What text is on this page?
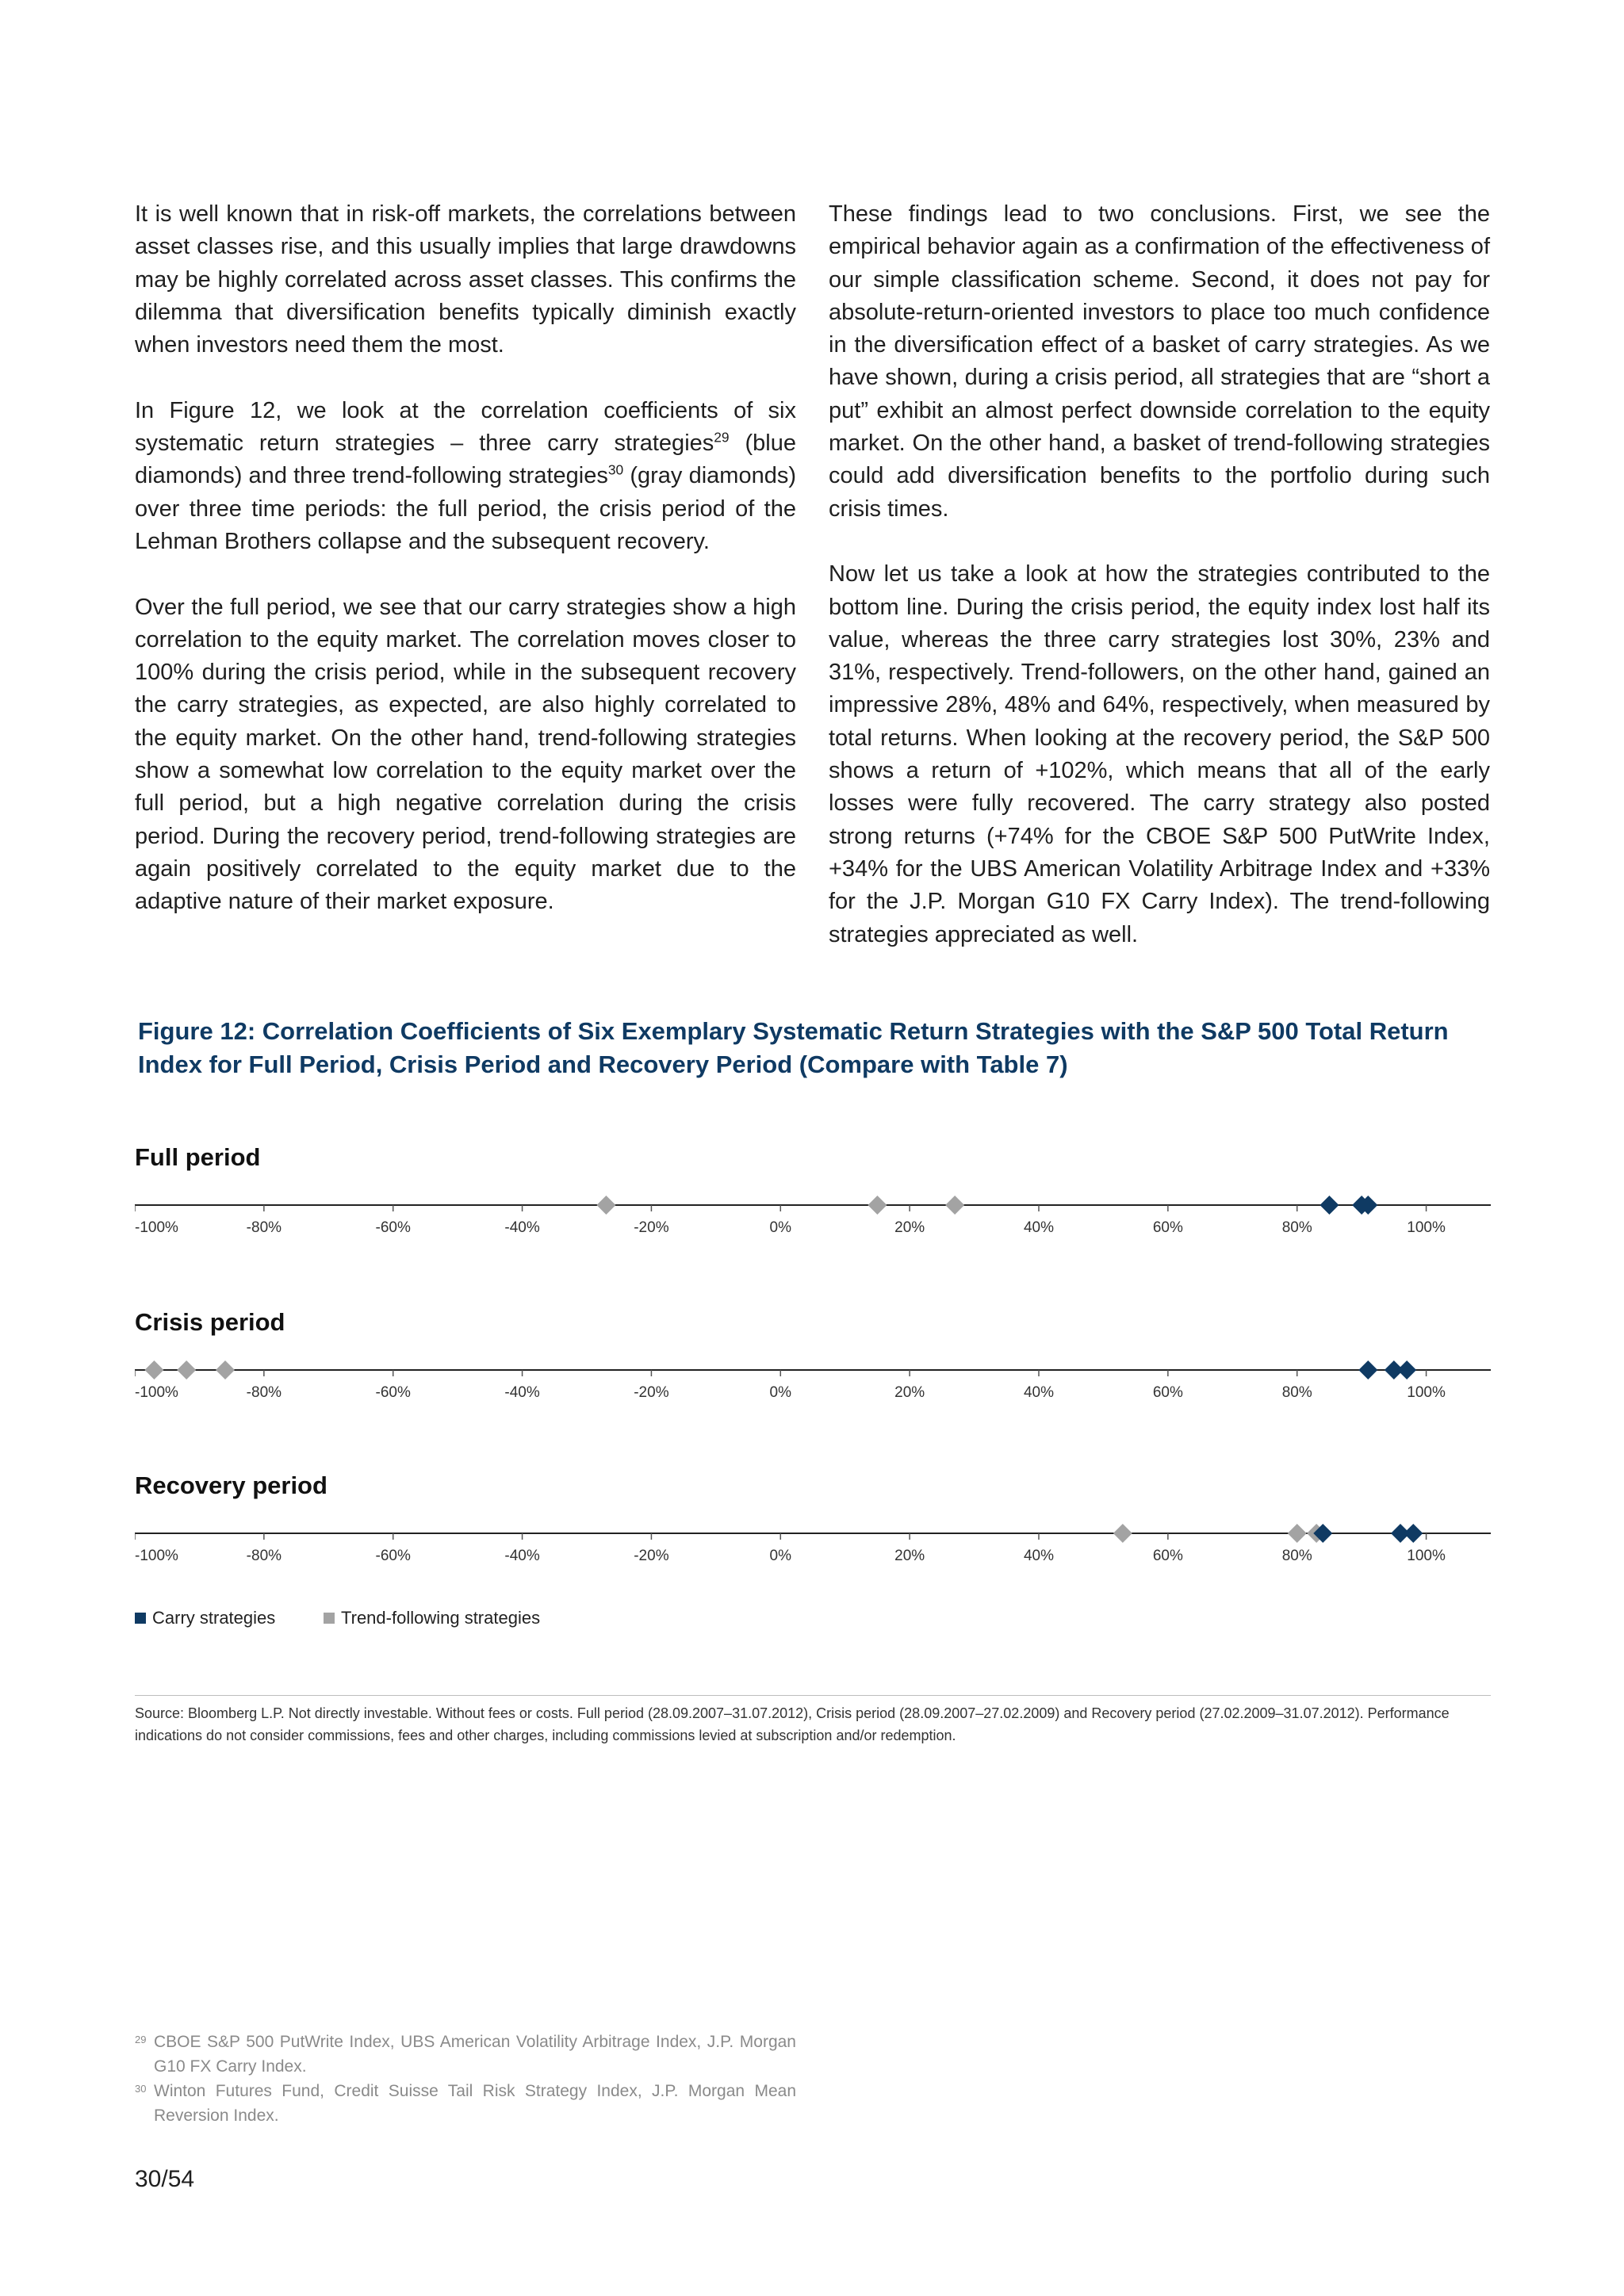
It is well known that in risk-off markets, the correlations between asset classes rise, and this usually implies that large drawdowns may be highly correlated across asset classes. This confirms the dilemma that diversification benefits typically diminish exactly when investors need them the most.

In Figure 12, we look at the correlation coefficients of six systematic return strategies – three carry strategies$^{29}$ (blue diamonds) and three trend-following strategies$^{30}$ (gray diamonds) over three time periods: the full period, the crisis period of the Lehman Brothers collapse and the subsequent recovery.

Over the full period, we see that our carry strategies show a high correlation to the equity market. The correlation moves closer to 100% during the crisis period, while in the subsequent recovery the carry strategies, as expected, are also highly correlated to the equity market. On the other hand, trend-following strategies show a somewhat low correlation to the equity market over the full period, but a high negative correlation during the crisis period. During the recovery period, trend-following strategies are again positively correlated to the equity market due to the adaptive nature of their market exposure.

These findings lead to two conclusions. First, we see the empirical behavior again as a confirmation of the effectiveness of our simple classification scheme. Second, it does not pay for absolute-return-oriented investors to place too much confidence in the diversification effect of a basket of carry strategies. As we have shown, during a crisis period, all strategies that are “short a put” exhibit an almost perfect downside correlation to the equity market. On the other hand, a basket of trend-following strategies could add diversification benefits to the portfolio during such crisis times.

Now let us take a look at how the strategies contributed to the bottom line. During the crisis period, the equity index lost half its value, whereas the three carry strategies lost 30%, 23% and 31%, respectively. Trend-followers, on the other hand, gained an impressive 28%, 48% and 64%, respectively, when measured by total returns. When looking at the recovery period, the S&P 500 shows a return of +102%, which means that all of the early losses were fully recovered. The carry strategy also posted strong returns (+74% for the CBOE S&P 500 PutWrite Index, +34% for the UBS American Volatility Arbitrage Index and +33% for the J.P. Morgan G10 FX Carry Index). The trend-following strategies appreciated as well.

Figure 12: Correlation Coefficients of Six Exemplary Systematic Return Strategies with the S&P 500 Total Return Index for Full Period, Crisis Period and Recovery Period (Compare with Table 7)
Full period
-100%	-80%	-60%	-40%	-20%	0%	20%	40%	60%	80%	100%
Crisis period
-100%	-80%	-60%	-40%	-20%	0%	20%	40%	60%	80%	100%
Recovery period
-100%	-80%	-60%	-40%	-20%	0%	20%	40%	60%	80%	100%
Carry strategies	Trend-following strategies
Source: Bloomberg L.P. Not directly investable. Without fees or costs. Full period (28.09.2007–31.07.2012), Crisis period (28.09.2007–27.02.2009) and Recovery period (27.02.2009–31.07.2012). Performance indications do not consider commissions, fees and other charges, including commissions levied at subscription and/or redemption.
29 CBOE S&P 500 PutWrite Index, UBS American Volatility Arbitrage Index, J.P. Morgan G10 FX Carry Index.
30 Winton Futures Fund, Credit Suisse Tail Risk Strategy Index, J.P. Morgan Mean Reversion Index.
30/54
